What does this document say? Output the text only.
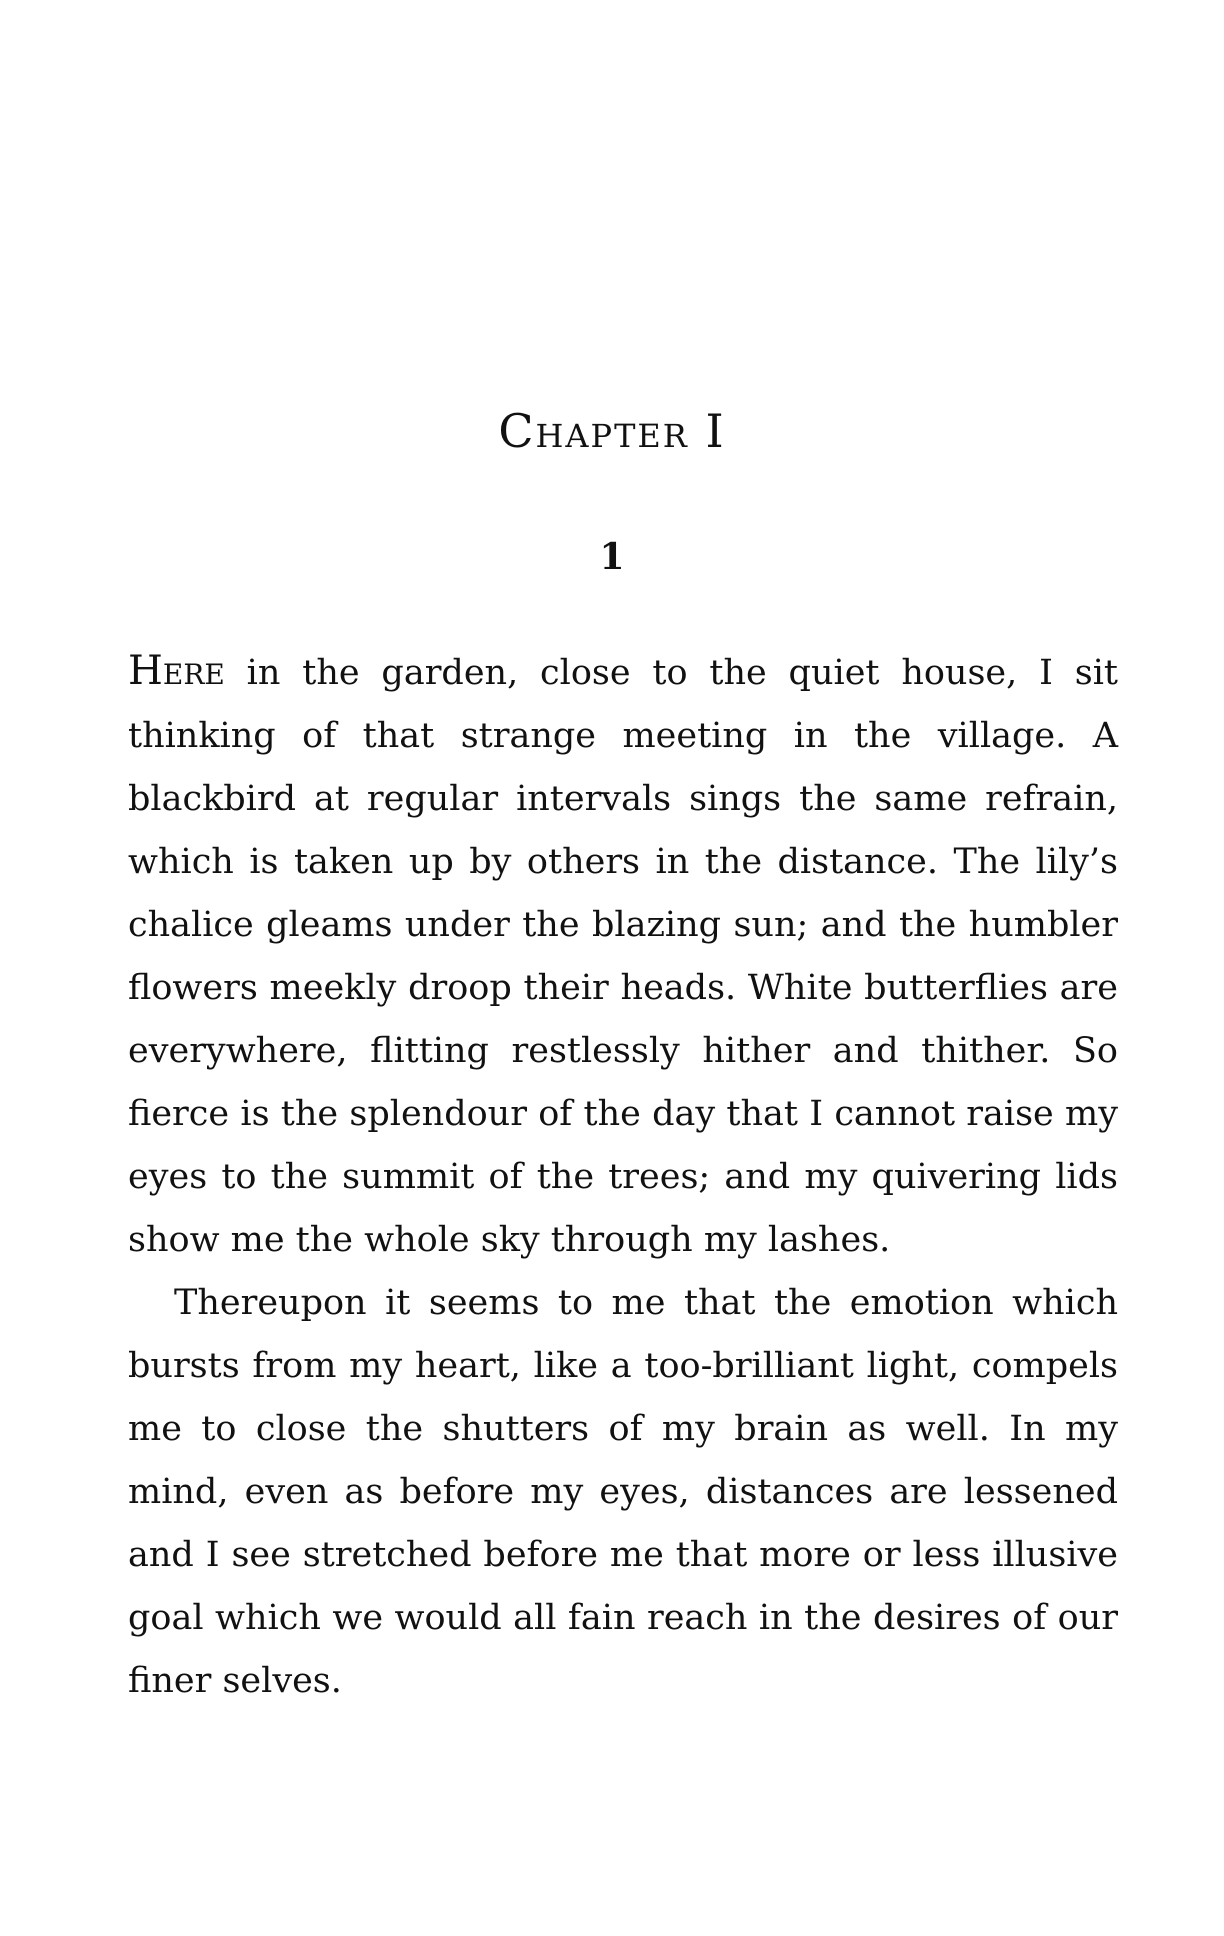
Chapter I
1

Here in the garden, close to the quiet house, I sit thinking of that strange meeting in the village. A blackbird at regular intervals sings the same refrain, which is taken up by others in the distance. The lily’s chalice gleams under the blazing sun; and the humbler flowers meekly droop their heads. White butterflies are everywhere, flitting restlessly hither and thither. So fierce is the splendour of the day that I cannot raise my eyes to the summit of the trees; and my quivering lids show me the whole sky through my lashes.

Thereupon it seems to me that the emotion which bursts from my heart, like a too-brilliant light, compels me to close the shutters of my brain as well. In my mind, even as before my eyes, distances are lessened and I see stretched before me that more or less illusive goal which we would all fain reach in the desires of our finer selves.
